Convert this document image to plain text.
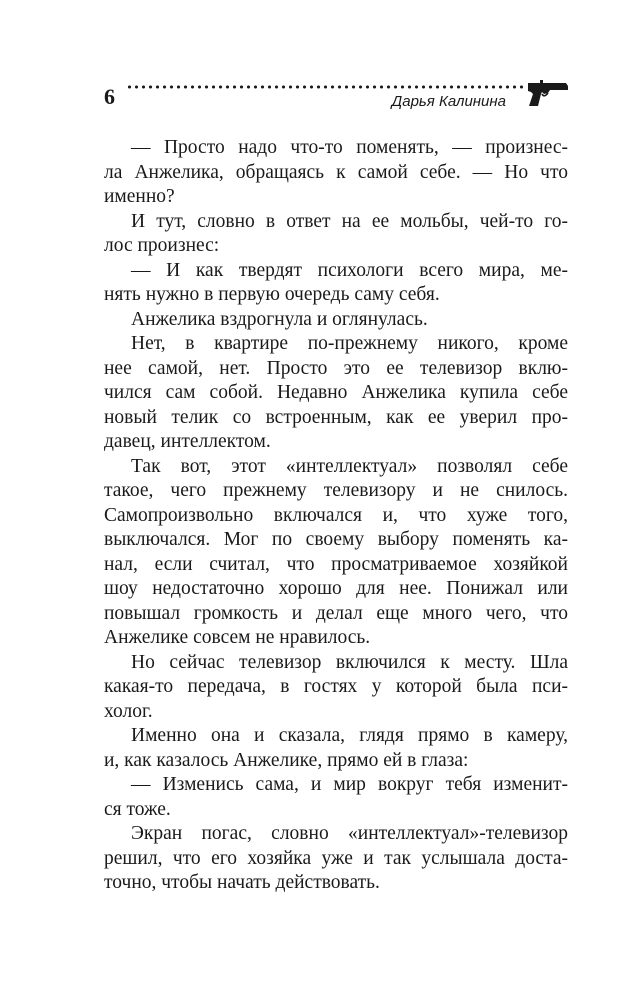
6	Дарья Калинина
— Просто надо что-то поменять, — произнес-
ла Анжелика, обращаясь к самой себе. — Но что
именно?
И тут, словно в ответ на ее мольбы, чей-то го-
лос произнес:
— И как твердят психологи всего мира, ме-
нять нужно в первую очередь саму себя.
Анжелика вздрогнула и оглянулась.
Нет, в квартире по-прежнему никого, кроме
нее самой, нет. Просто это ее телевизор вклю-
чился сам собой. Недавно Анжелика купила себе
новый телик со встроенным, как ее уверил про-
давец, интеллектом.
Так вот, этот «интеллектуал» позволял себе
такое, чего прежнему телевизору и не снилось.
Самопроизвольно включался и, что хуже того,
выключался. Мог по своему выбору поменять ка-
нал, если считал, что просматриваемое хозяйкой
шоу недостаточно хорошо для нее. Понижал или
повышал громкость и делал еще много чего, что
Анжелике совсем не нравилось.
Но сейчас телевизор включился к месту. Шла
какая-то передача, в гостях у которой была пси-
холог.
Именно она и сказала, глядя прямо в камеру,
и, как казалось Анжелике, прямо ей в глаза:
— Изменись сама, и мир вокруг тебя изменит-
ся тоже.
Экран погас, словно «интеллектуал»-телевизор
решил, что его хозяйка уже и так услышала доста-
точно, чтобы начать действовать.
